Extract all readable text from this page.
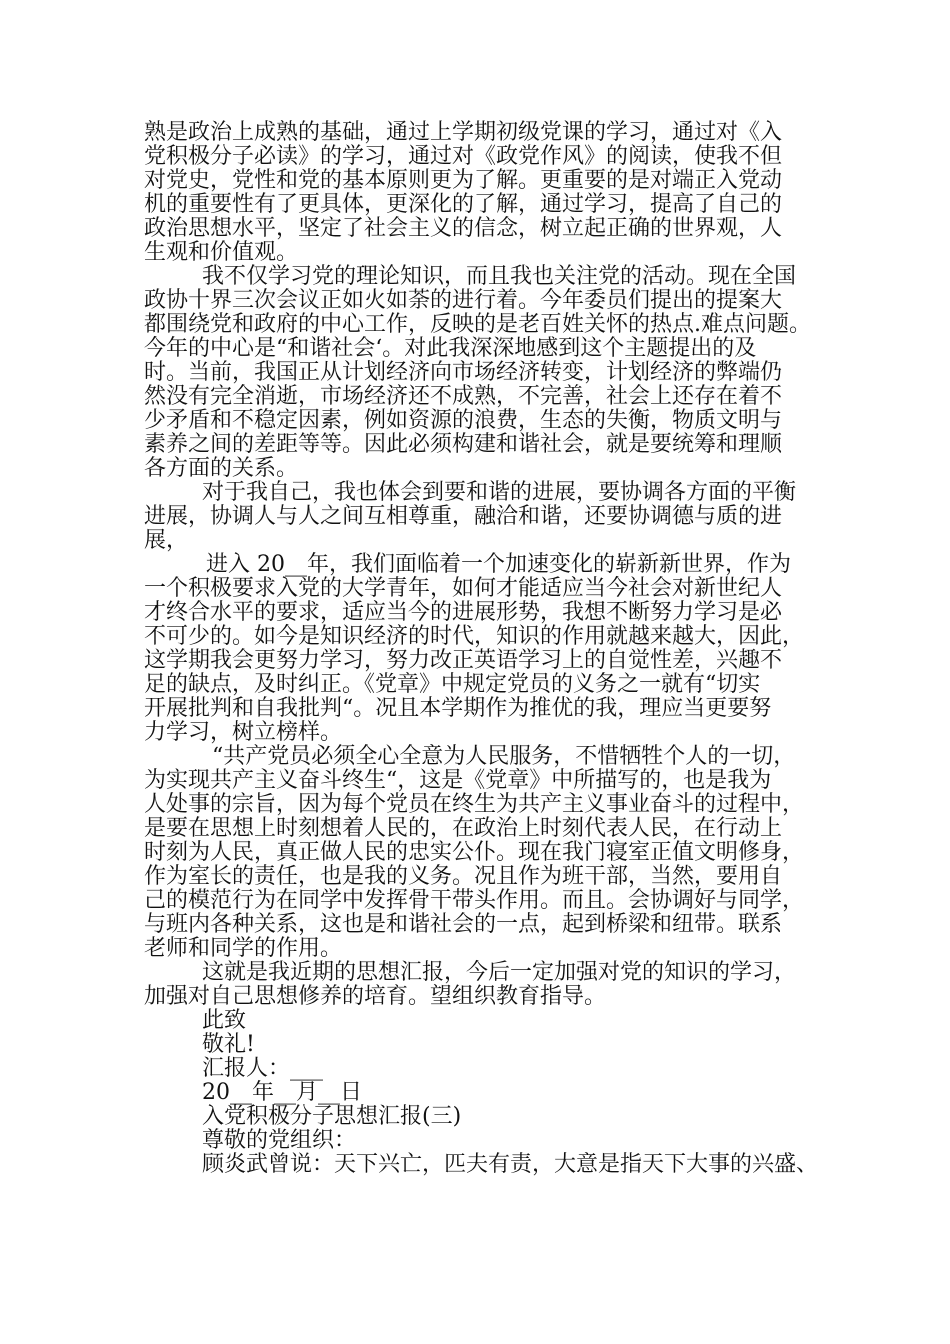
熟是政治上成熟的基础，通过上学期初级党课的学习，通过对《入
党积极分子必读》的学习，通过对《政党作风》的阅读，使我不但
对党史，党性和党的基本原则更为了解。更重要的是对端正入党动
机的重要性有了更具体，更深化的了解，通过学习，提高了自己的
政治思想水平，坚定了社会主义的信念，树立起正确的世界观，人
生观和价值观。
我不仅学习党的理论知识，而且我也关注党的活动。现在全国
政协十界三次会议正如火如荼的进行着。今年委员们提出的提案大
都围绕党和政府的中心工作，反映的是老百姓关怀的热点.难点问题。
今年的中心是“和谐社会‘。对此我深深地感到这个主题提出的及
时。当前，我国正从计划经济向市场经济转变，计划经济的弊端仍
然没有完全消逝，市场经济还不成熟，不完善，社会上还存在着不
少矛盾和不稳定因素，例如资源的浪费，生态的失衡，物质文明与
素养之间的差距等等。因此必须构建和谐社会，就是要统筹和理顺
各方面的关系。
对于我自己，我也体会到要和谐的进展，要协调各方面的平衡
进展，协调人与人之间互相尊重，融洽和谐，还要协调德与质的进
展，
进入 20__年，我们面临着一个加速变化的崭新新世界，作为
一个积极要求入党的大学青年，如何才能适应当今社会对新世纪人
才终合水平的要求，适应当今的进展形势，我想不断努力学习是必
不可少的。如今是知识经济的时代，知识的作用就越来越大，因此，
这学期我会更努力学习，努力改正英语学习上的自觉性差，兴趣不
足的缺点，及时纠正。《党章》中规定党员的义务之一就有“切实
开展批判和自我批判“。况且本学期作为推优的我，理应当更要努
力学习，树立榜样。
“共产党员必须全心全意为人民服务，不惜牺牲个人的一切，
为实现共产主义奋斗终生“，这是《党章》中所描写的，也是我为
人处事的宗旨，因为每个党员在终生为共产主义事业奋斗的过程中，
是要在思想上时刻想着人民的，在政治上时刻代表人民，在行动上
时刻为人民，真正做人民的忠实公仆。现在我门寝室正值文明修身，
作为室长的责任，也是我的义务。况且作为班干部，当然，要用自
己的模范行为在同学中发挥骨干带头作用。而且。会协调好与同学，
与班内各种关系，这也是和谐社会的一点，起到桥梁和纽带。联系
老师和同学的作用。
这就是我近期的思想汇报，今后一定加强对党的知识的学习，
加强对自己思想修养的培育。望组织教育指导。
此致
敬礼!
汇报人：___
20__年__月__日
入党积极分子思想汇报(三)
尊敬的党组织：
顾炎武曾说：天下兴亡，匹夫有责，大意是指天下大事的兴盛、
